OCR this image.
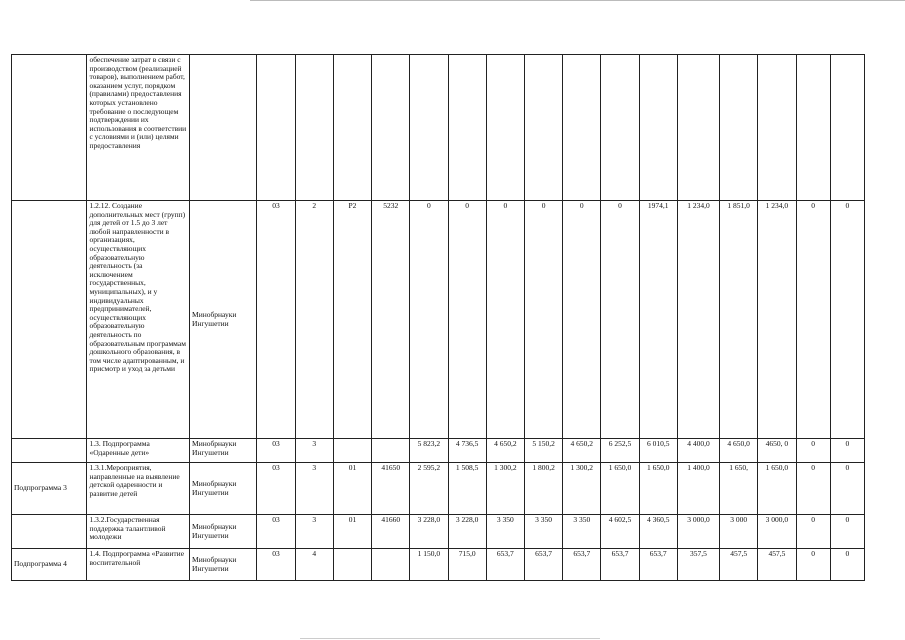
	обеспечение затрат в связи с производством (реализацией товаров), выполнением работ, оказанием услуг, порядком (правилами) предоставления которых установлено требование о последующем подтверждении их использования в соответствии с условиями и (или) целями предоставления																	
	1.2.12. Создание дополнительных мест (групп) для детей от 1.5 до 3 лет любой направленности в организациях, осуществляющих образовательную деятельность (за исключением государственных, муниципальных), и у индивидуальных предпринимателей, осуществляющих образовательную деятельность по образовательным программам дошкольного образования, в том числе адаптированным, и присмотр и уход за детьми	Минобрнауки Ингушетии	03	2	Р2	5232	0	0	0	0	0	0	1974,1	1 234,0	1 851,0	1 234,0	0	0
	1.3. Подпрограмма «Одаренные дети»	Минобрнауки Ингушетии	03	3			5 823,2	4 736,5	4 650,2	5 150,2	4 650,2	6 252,5	6 010,5	4 400,0	4 650,0	4650, 0	0	0
Подпрограмма 3	1.3.1.Мероприятия, направленные на выявление детской одаренности и развитие детей	Минобрнауки Ингушетии	03	3	01	41650	2 595,2	1 508,5	1 300,2	1 800,2	1 300,2	1 650,0	1 650,0	1 400,0	1 650,	1 650,0	0	0
	1.3.2.Государственная поддержка талантливой молодежи	Минобрнауки Ингушетии	03	3	01	41660	3 228,0	3 228,0	3 350	3 350	3 350	4 602,5	4 360,5	3 000,0	3 000	3 000,0	0	0
Подпрограмма 4	1.4. Подпрограмма «Развитие воспитательной	Минобрнауки Ингушетии	03	4			1 150,0	715,0	653,7	653,7	653,7	653,7	653,7	357,5	457,5	457,5	0	0
